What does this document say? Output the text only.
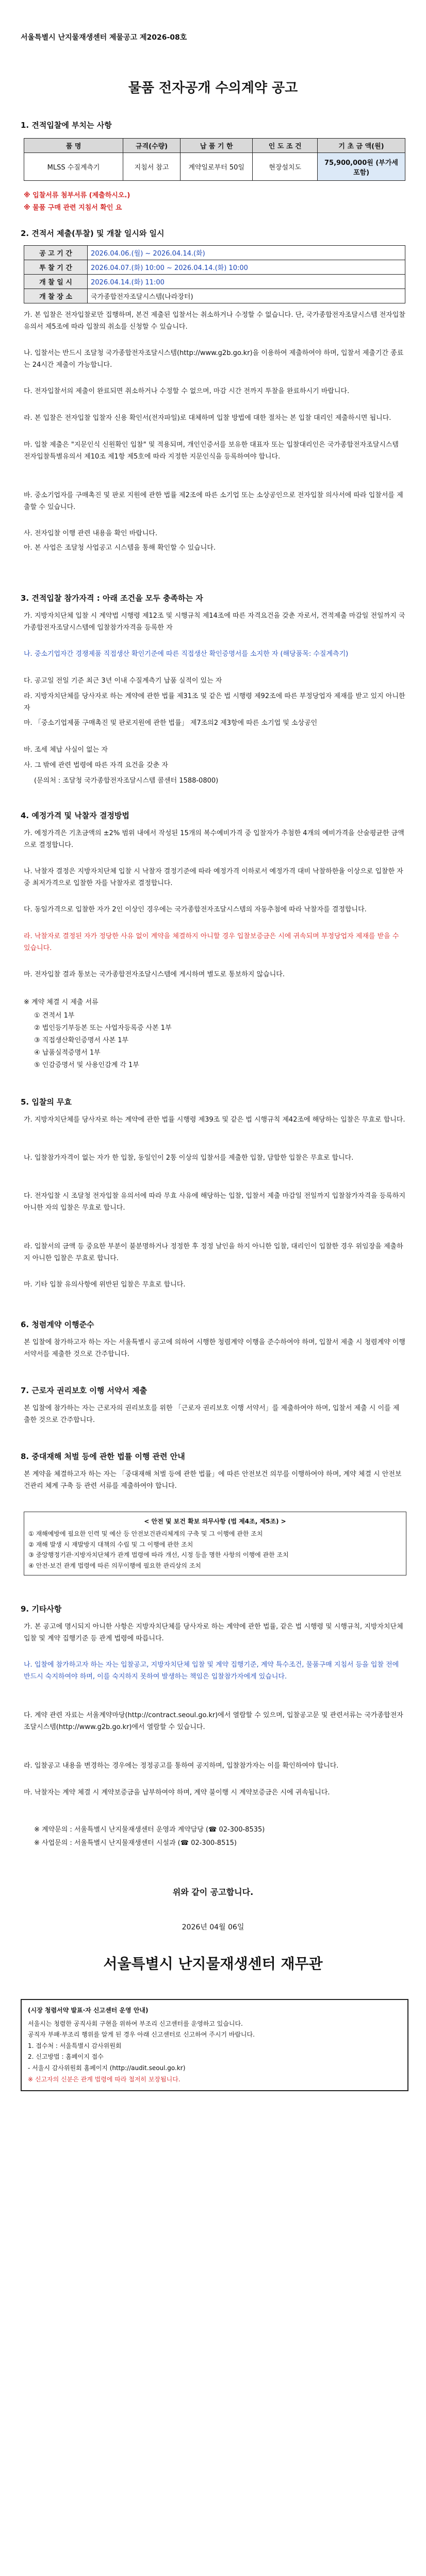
서울특별시 난지물재생센터 제물공고 제2026-08호
물품 전자공개 수의계약 공고
1. 견적입찰에 부치는 사항
품 명	규격(수량)	납 품 기 한	인 도 조 건	기 초 금 액(원)
MLSS 수질계측기	지침서 참고	계약일로부터 50일	현장설치도	75,900,000원 (부가세 포함)
※ 입찰서류 첨부서류 (제출하시오.)
※ 물품 구매 관련 지침서 확인 요
2. 견적서 제출(투찰) 및 개찰 일시와 일시
공 고 기 간	2026.04.06.(월) ~ 2026.04.14.(화)
투 찰 기 간	2026.04.07.(화) 10:00 ~ 2026.04.14.(화) 10:00
개 찰 일 시	2026.04.14.(화) 11:00
개 찰 장 소	국가종합전자조달시스템(나라장터)

가. 본 입찰은 전자입찰로만 집행하며, 본건 제출된 입찰서는 취소하거나 수정할 수 없습니다. 단, 국가종합전자조달시스템 전자입찰 유의서 제5조에 따라 입찰의 취소를 신청할 수 있습니다.

나. 입찰서는 반드시 조달청 국가종합전자조달시스템(http://www.g2b.go.kr)을 이용하여 제출하여야 하며, 입찰서 제출기간 종료는 24시간 제출이 가능합니다.

다. 전자입찰서의 제출이 완료되면 취소하거나 수정할 수 없으며, 마감 시간 전까지 투찰을 완료하시기 바랍니다.

라. 본 입찰은 전자입찰 입찰자 신용 확인서(전자파일)로 대체하며 입찰 방법에 대한 절차는 본 입찰 대리인 제출하시면 됩니다.

마. 입찰 제출은 "지문인식 신원확인 입찰" 및 적용되며, 개인인증서를 보유한 대표자 또는 입찰대리인은 국가종합전자조달시스템 전자입찰특별유의서 제10조 제1항 제5호에 따라 지정한 지문인식을 등록하여야 합니다.

바. 중소기업자를 구매촉진 및 판로 지원에 관한 법률 제2조에 따른 소기업 또는 소상공인으로 전자입찰 의사서에 따라 입찰서를 제출할 수 있습니다.

사. 전자입찰 이행 관련 내용을 확인 바랍니다.

아. 본 사업은 조달청 사업공고 시스템을 통해 확인할 수 있습니다.

3. 견적입찰 참가자격 : 아래 조건을 모두 충족하는 자

가. 지방자치단체 입찰 시 계약법 시행령 제12조 및 시행규칙 제14조에 따른 자격요건을 갖춘 자로서, 견적제출 마감일 전일까지 국가종합전자조달시스템에 입찰참가자격을 등록한 자

나. 중소기업자간 경쟁제품 직접생산 확인기준에 따른 직접생산 확인증명서를 소지한 자 (해당품목: 수질계측기)

다. 공고일 전일 기준 최근 3년 이내 수질계측기 납품 실적이 있는 자

라. 지방자치단체를 당사자로 하는 계약에 관한 법률 제31조 및 같은 법 시행령 제92조에 따른 부정당업자 제재를 받고 있지 아니한 자

마. 「중소기업제품 구매촉진 및 판로지원에 관한 법률」 제7조의2 제3항에 따른 소기업 및 소상공인

바. 조세 체납 사실이 없는 자

사. 그 밖에 관련 법령에 따른 자격 요건을 갖춘 자

(문의처 : 조달청 국가종합전자조달시스템 콜센터 1588-0800)

4. 예정가격 및 낙찰자 결정방법

가. 예정가격은 기초금액의 ±2% 범위 내에서 작성된 15개의 복수예비가격 중 입찰자가 추첨한 4개의 예비가격을 산술평균한 금액으로 결정합니다.

나. 낙찰자 결정은 지방자치단체 입찰 시 낙찰자 결정기준에 따라 예정가격 이하로서 예정가격 대비 낙찰하한율 이상으로 입찰한 자 중 최저가격으로 입찰한 자를 낙찰자로 결정합니다.

다. 동일가격으로 입찰한 자가 2인 이상인 경우에는 국가종합전자조달시스템의 자동추첨에 따라 낙찰자를 결정합니다.

라. 낙찰자로 결정된 자가 정당한 사유 없이 계약을 체결하지 아니할 경우 입찰보증금은 시에 귀속되며 부정당업자 제재를 받을 수 있습니다.

마. 전자입찰 결과 통보는 국가종합전자조달시스템에 게시하며 별도로 통보하지 않습니다.

※ 계약 체결 시 제출 서류

① 견적서 1부

② 법인등기부등본 또는 사업자등록증 사본 1부

③ 직접생산확인증명서 사본 1부

④ 납품실적증명서 1부

⑤ 인감증명서 및 사용인감계 각 1부

5. 입찰의 무효

가. 지방자치단체를 당사자로 하는 계약에 관한 법률 시행령 제39조 및 같은 법 시행규칙 제42조에 해당하는 입찰은 무효로 합니다.

나. 입찰참가자격이 없는 자가 한 입찰, 동일인이 2통 이상의 입찰서를 제출한 입찰, 담합한 입찰은 무효로 합니다.

다. 전자입찰 시 조달청 전자입찰 유의서에 따라 무효 사유에 해당하는 입찰, 입찰서 제출 마감일 전일까지 입찰참가자격을 등록하지 아니한 자의 입찰은 무효로 합니다.

라. 입찰서의 금액 등 중요한 부분이 불분명하거나 정정한 후 정정 날인을 하지 아니한 입찰, 대리인이 입찰한 경우 위임장을 제출하지 아니한 입찰은 무효로 합니다.

마. 기타 입찰 유의사항에 위반된 입찰은 무효로 합니다.

6. 청렴계약 이행준수

본 입찰에 참가하고자 하는 자는 서울특별시 공고에 의하여 시행한 청렴계약 이행을 준수하여야 하며, 입찰서 제출 시 청렴계약 이행서약서를 제출한 것으로 간주합니다.

7. 근로자 권리보호 이행 서약서 제출

본 입찰에 참가하는 자는 근로자의 권리보호를 위한 「근로자 권리보호 이행 서약서」를 제출하여야 하며, 입찰서 제출 시 이를 제출한 것으로 간주합니다.

8. 중대재해 처벌 등에 관한 법률 이행 관련 안내

본 계약을 체결하고자 하는 자는 「중대재해 처벌 등에 관한 법률」에 따른 안전보건 의무를 이행하여야 하며, 계약 체결 시 안전보건관리 체계 구축 등 관련 서류를 제출하여야 합니다.

< 안전 및 보건 확보 의무사항 (법 제4조, 제5조) >
① 재해예방에 필요한 인력 및 예산 등 안전보건관리체계의 구축 및 그 이행에 관한 조치
② 재해 발생 시 재발방지 대책의 수립 및 그 이행에 관한 조치
③ 중앙행정기관·지방자치단체가 관계 법령에 따라 개선, 시정 등을 명한 사항의 이행에 관한 조치
④ 안전·보건 관계 법령에 따른 의무이행에 필요한 관리상의 조치
9. 기타사항

가. 본 공고에 명시되지 아니한 사항은 지방자치단체를 당사자로 하는 계약에 관한 법률, 같은 법 시행령 및 시행규칙, 지방자치단체 입찰 및 계약 집행기준 등 관계 법령에 따릅니다.

나. 입찰에 참가하고자 하는 자는 입찰공고, 지방자치단체 입찰 및 계약 집행기준, 계약 특수조건, 물품구매 지침서 등을 입찰 전에 반드시 숙지하여야 하며, 이를 숙지하지 못하여 발생하는 책임은 입찰참가자에게 있습니다.

다. 계약 관련 자료는 서울계약마당(http://contract.seoul.go.kr)에서 열람할 수 있으며, 입찰공고문 및 관련서류는 국가종합전자조달시스템(http://www.g2b.go.kr)에서 열람할 수 있습니다.

라. 입찰공고 내용을 변경하는 경우에는 정정공고를 통하여 공지하며, 입찰참가자는 이를 확인하여야 합니다.

마. 낙찰자는 계약 체결 시 계약보증금을 납부하여야 하며, 계약 불이행 시 계약보증금은 시에 귀속됩니다.

※ 계약문의 : 서울특별시 난지물재생센터 운영과 계약담당 (☎ 02-300-8535)

※ 사업문의 : 서울특별시 난지물재생센터 시설과 (☎ 02-300-8515)

위와 같이 공고합니다.
2026년 04월 06일
서울특별시 난지물재생센터 재무관
(시장 청렴서약 발표·자 신고센터 운영 안내)
서울시는 청렴한 공직사회 구현을 위하여 부조리 신고센터를 운영하고 있습니다.
공직자 부패·부조리 행위를 알게 된 경우 아래 신고센터로 신고하여 주시기 바랍니다.
1. 접수처 : 서울특별시 감사위원회
2. 신고방법 : 홈페이지 접수
- 서울시 감사위원회 홈페이지 (http://audit.seoul.go.kr)
※ 신고자의 신분은 관계 법령에 따라 철저히 보장됩니다.
